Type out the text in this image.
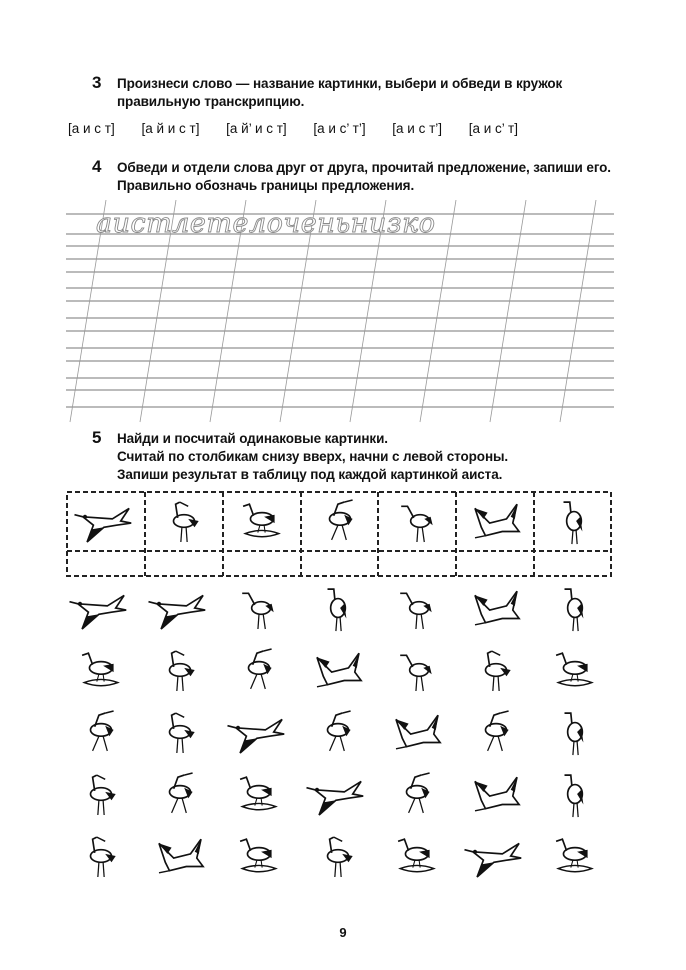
3 Произнеси слово — название картинки, выбери и обведи в кружок
правильную транскрипцию.
[а и с т] [а й и с т] [а й’ и с т] [а и с’ т’] [а и с т’] [а и с’ т]
4 Обведи и отдели слова друг от друга, прочитай предложение, запиши его.
Правильно обозначь границы предложения.
аистлетелоченьнизко
5 Найди и посчитай одинаковые картинки.
Считай по столбикам снизу вверх, начни с левой стороны.
Запиши результат в таблицу под каждой картинкой аиста.
9
